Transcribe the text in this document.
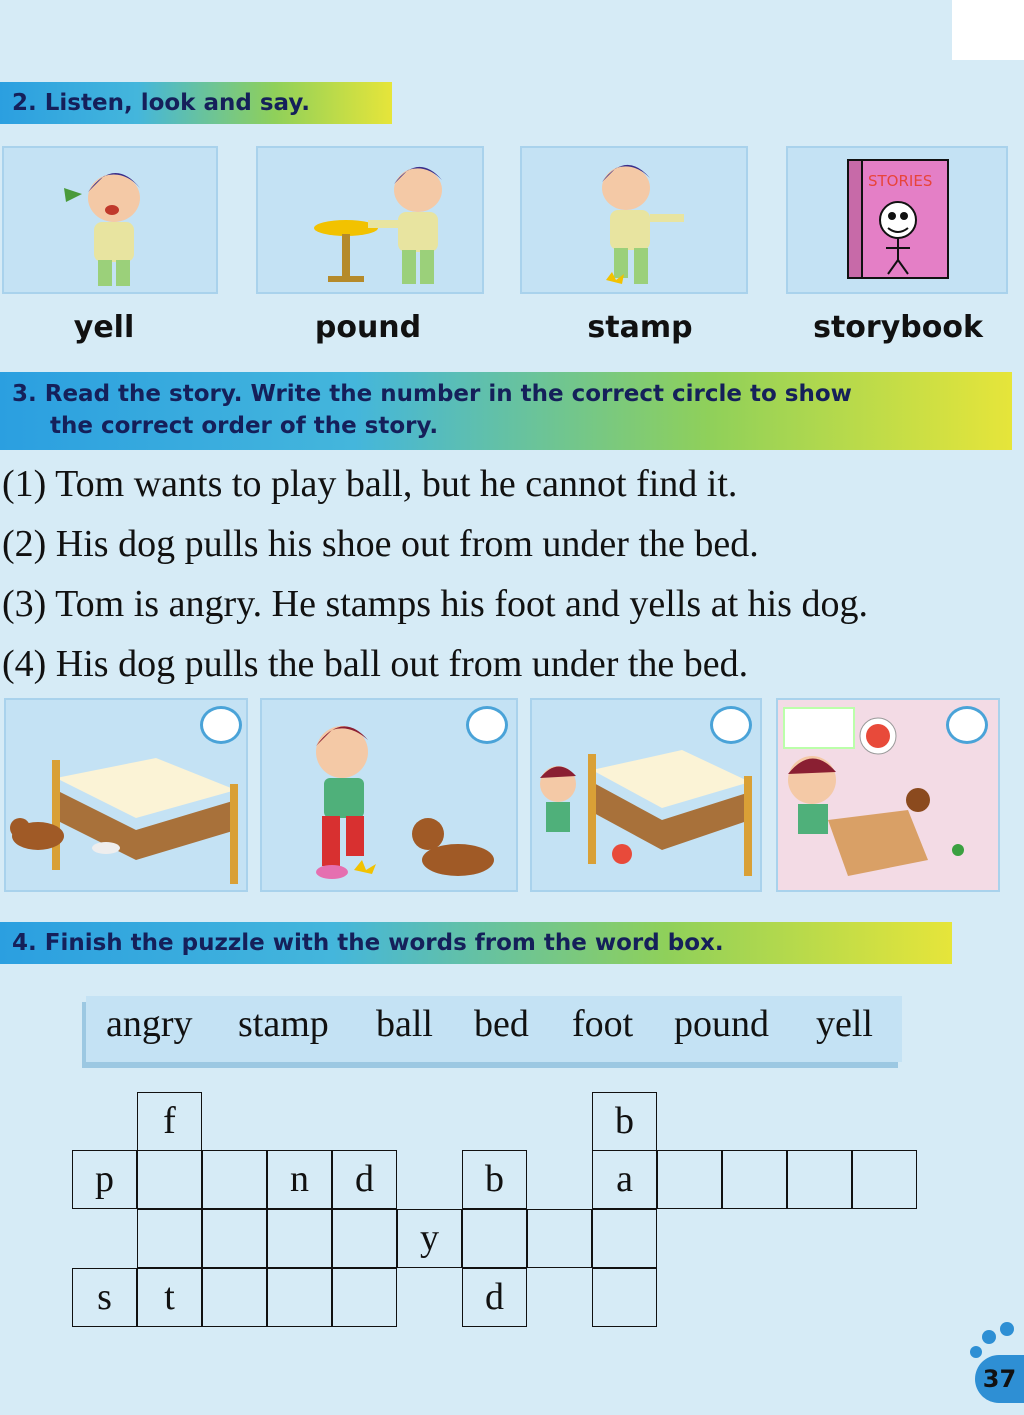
2. Listen, look and say.
STORIES
yell	pound	stamp	storybook
3. Read the story. Write the number in the correct circle to show
the correct order of the story.
(1) Tom wants to play ball, but he cannot find it.
(2) His dog pulls his shoe out from under the bed.
(3) Tom is angry. He stamps his foot and yells at his dog.
(4) His dog pulls the ball out from under the bed.
4. Finish the puzzle with the words from the word box.
angry stamp ball bed foot pound yell
f	b
p	n	d	b	a
y
s	t	d
37
